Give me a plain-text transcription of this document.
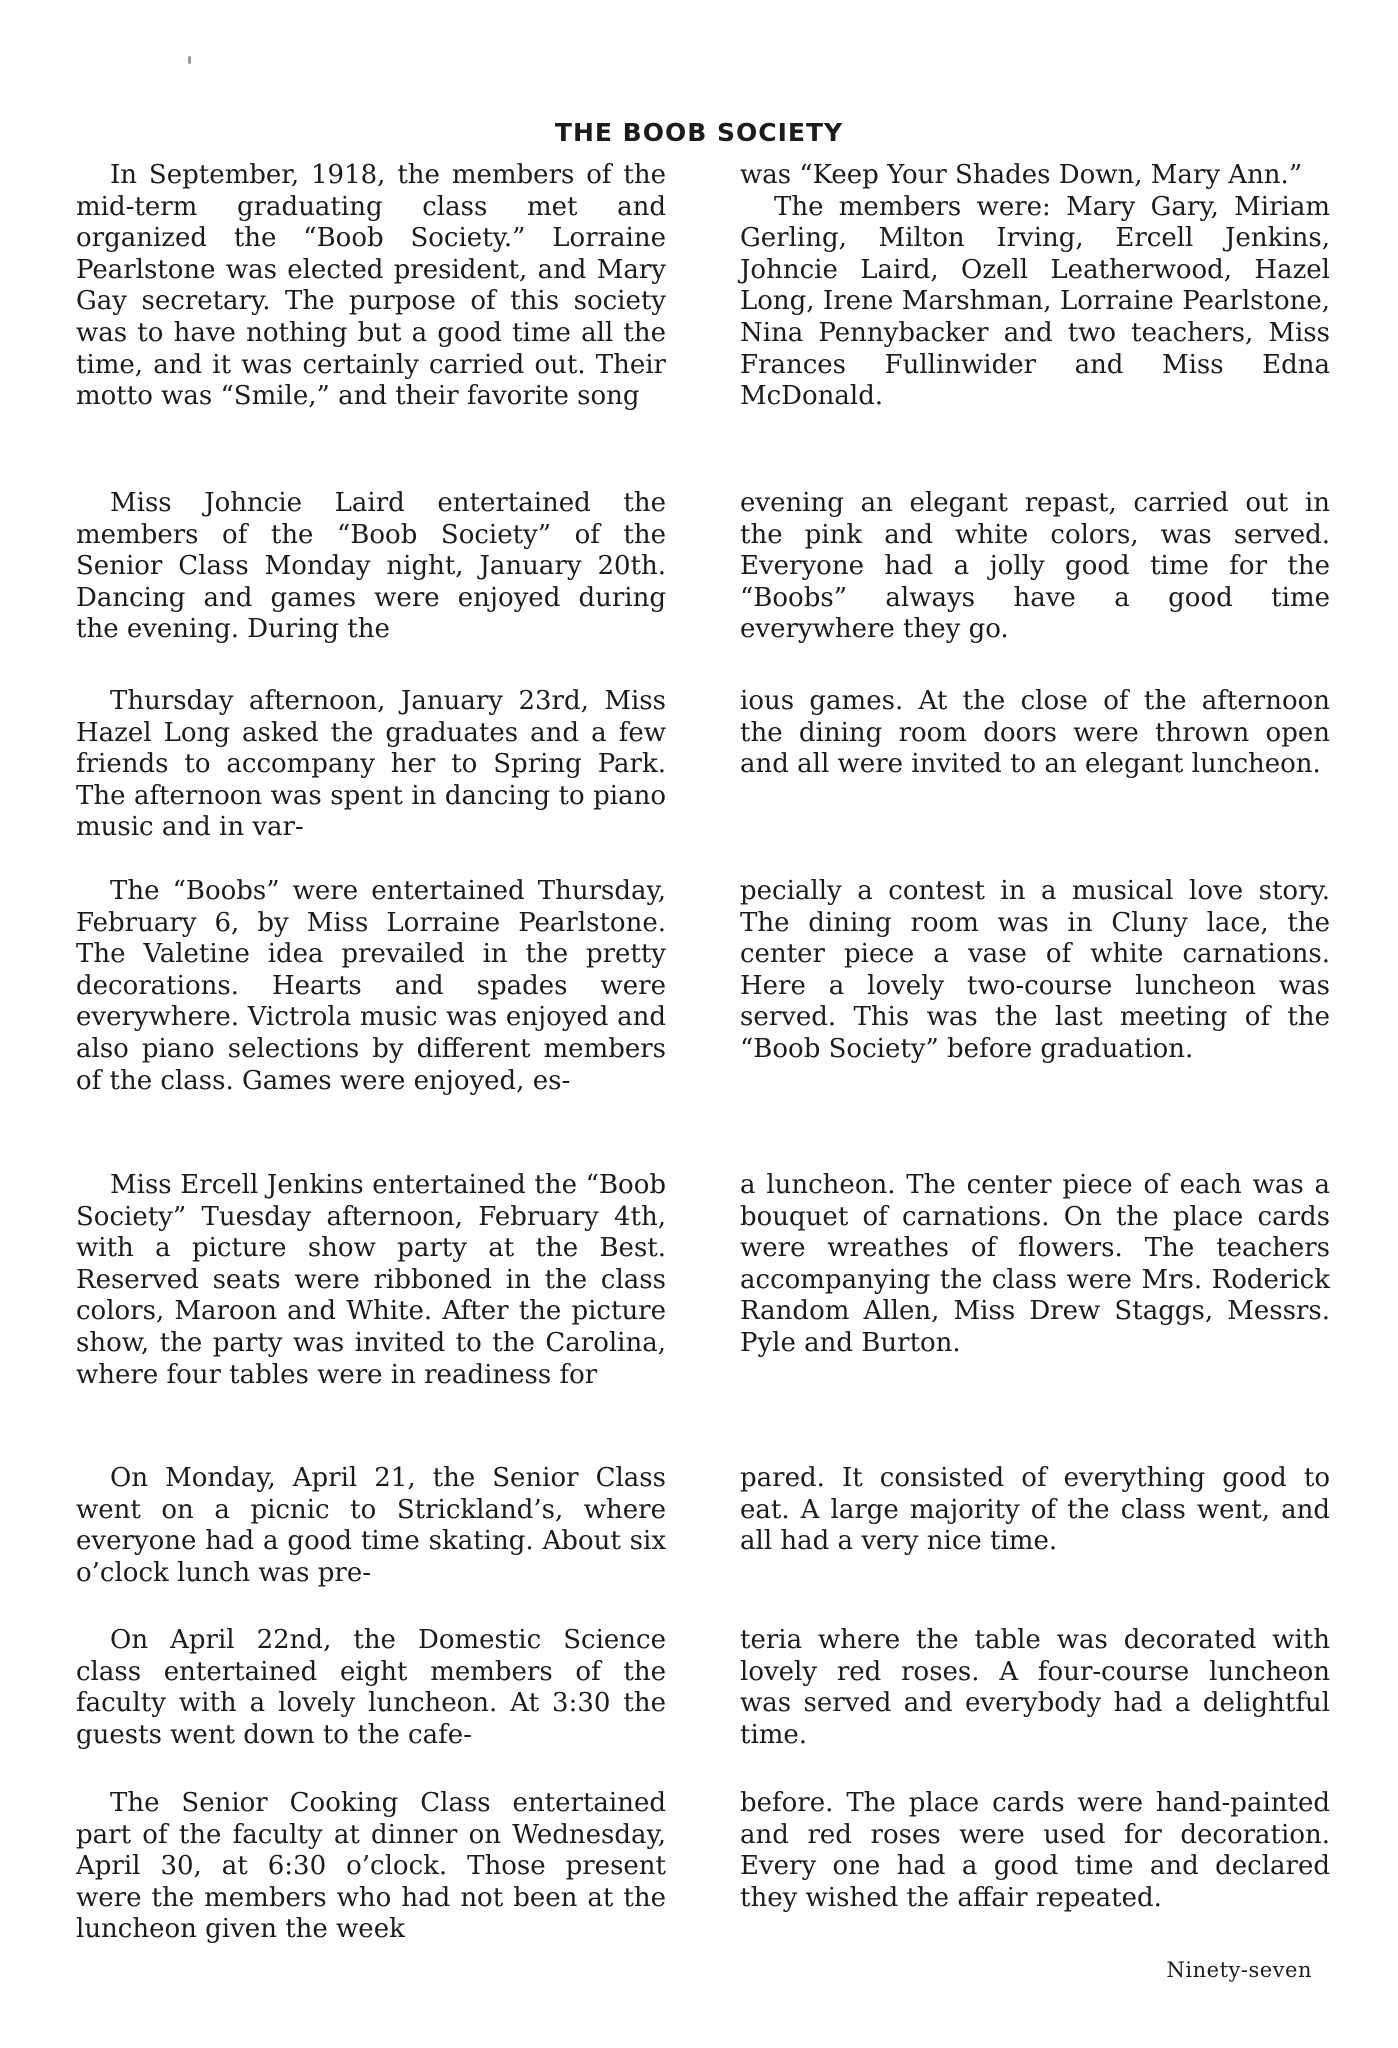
THE BOOB SOCIETY

In September, 1918, the members of the mid-term graduating class met and organized the “Boob Society.” Lorraine Pearlstone was elected president, and Mary Gay secretary. The purpose of this society was to have nothing but a good time all the time, and it was certainly carried out. Their motto was “Smile,” and their favorite song

was “Keep Your Shades Down, Mary Ann.”

The members were: Mary Gary, Miriam Gerling, Milton Irving, Ercell Jenkins, Johncie Laird, Ozell Leatherwood, Hazel Long, Irene Marshman, Lorraine Pearlstone, Nina Pennybacker and two teachers, Miss Frances Fullinwider and Miss Edna McDonald.

Miss Johncie Laird entertained the members of the “Boob Society” of the Senior Class Monday night, January 20th. Dancing and games were enjoyed during the evening. During the

evening an elegant repast, carried out in the pink and white colors, was served. Everyone had a jolly good time for the “Boobs” always have a good time everywhere they go.

Thursday afternoon, January 23rd, Miss Hazel Long asked the graduates and a few friends to accompany her to Spring Park. The afternoon was spent in dancing to piano music and in var-

ious games. At the close of the afternoon the dining room doors were thrown open and all were invited to an elegant luncheon.

The “Boobs” were entertained Thursday, February 6, by Miss Lorraine Pearlstone. The Valetine idea prevailed in the pretty decorations. Hearts and spades were everywhere. Victrola music was enjoyed and also piano selections by different members of the class. Games were enjoyed, es-

pecially a contest in a musical love story. The dining room was in Cluny lace, the center piece a vase of white carnations. Here a lovely two-course luncheon was served. This was the last meeting of the “Boob Society” before graduation.

Miss Ercell Jenkins entertained the “Boob Society” Tuesday afternoon, February 4th, with a picture show party at the Best. Reserved seats were ribboned in the class colors, Maroon and White. After the picture show, the party was invited to the Carolina, where four tables were in readiness for

a luncheon. The center piece of each was a bouquet of carnations. On the place cards were wreathes of flowers. The teachers accompanying the class were Mrs. Roderick Random Allen, Miss Drew Staggs, Messrs. Pyle and Burton.

On Monday, April 21, the Senior Class went on a picnic to Strickland’s, where everyone had a good time skating. About six o’clock lunch was pre-

pared. It consisted of everything good to eat. A large majority of the class went, and all had a very nice time.

On April 22nd, the Domestic Science class entertained eight members of the faculty with a lovely luncheon. At 3:30 the guests went down to the cafe-

teria where the table was decorated with lovely red roses. A four-course luncheon was served and everybody had a delightful time.

The Senior Cooking Class entertained part of the faculty at dinner on Wednesday, April 30, at 6:30 o’clock. Those present were the members who had not been at the luncheon given the week

before. The place cards were hand-painted and red roses were used for decoration. Every one had a good time and declared they wished the affair repeated.

Ninety-seven
